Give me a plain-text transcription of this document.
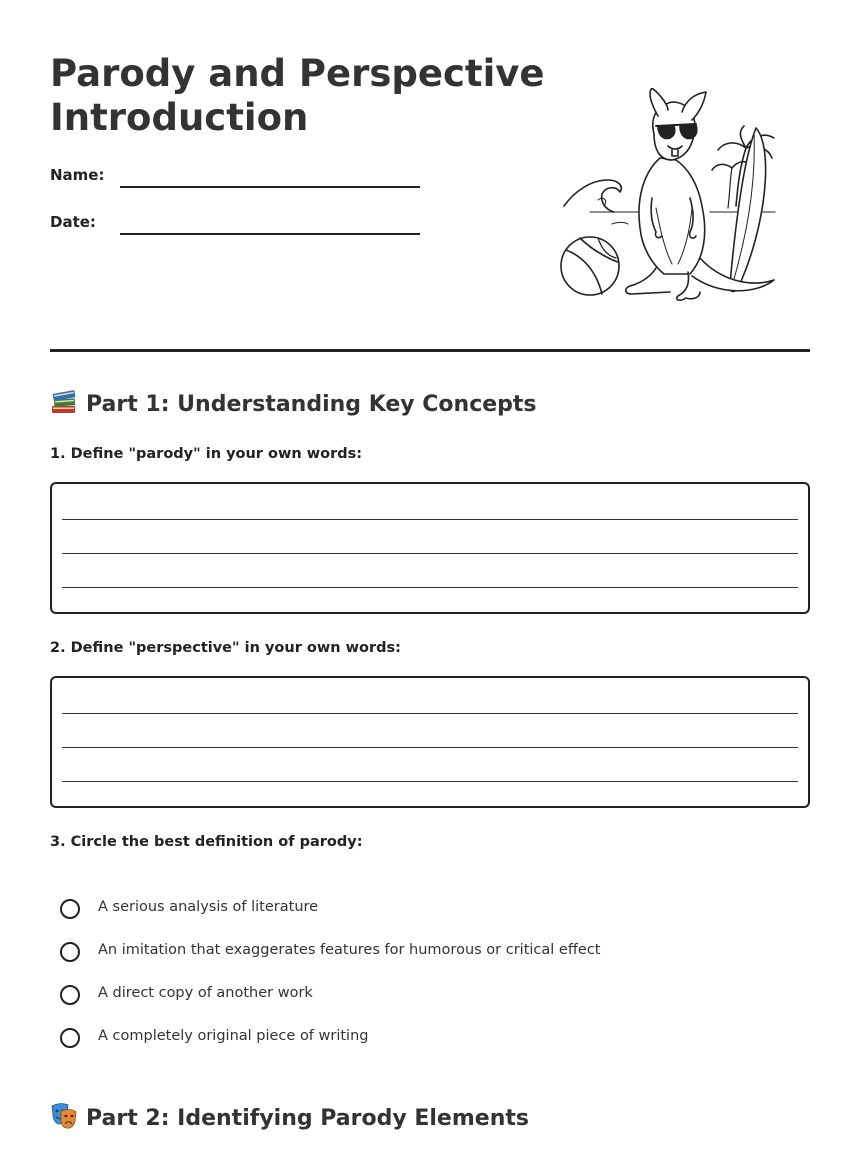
Parody and Perspective
Introduction
Name:
Date:
Part 1: Understanding Key Concepts
1. Define "parody" in your own words:
2. Define "perspective" in your own words:
3. Circle the best definition of parody:
A serious analysis of literature
An imitation that exaggerates features for humorous or critical effect
A direct copy of another work
A completely original piece of writing
Part 2: Identifying Parody Elements
